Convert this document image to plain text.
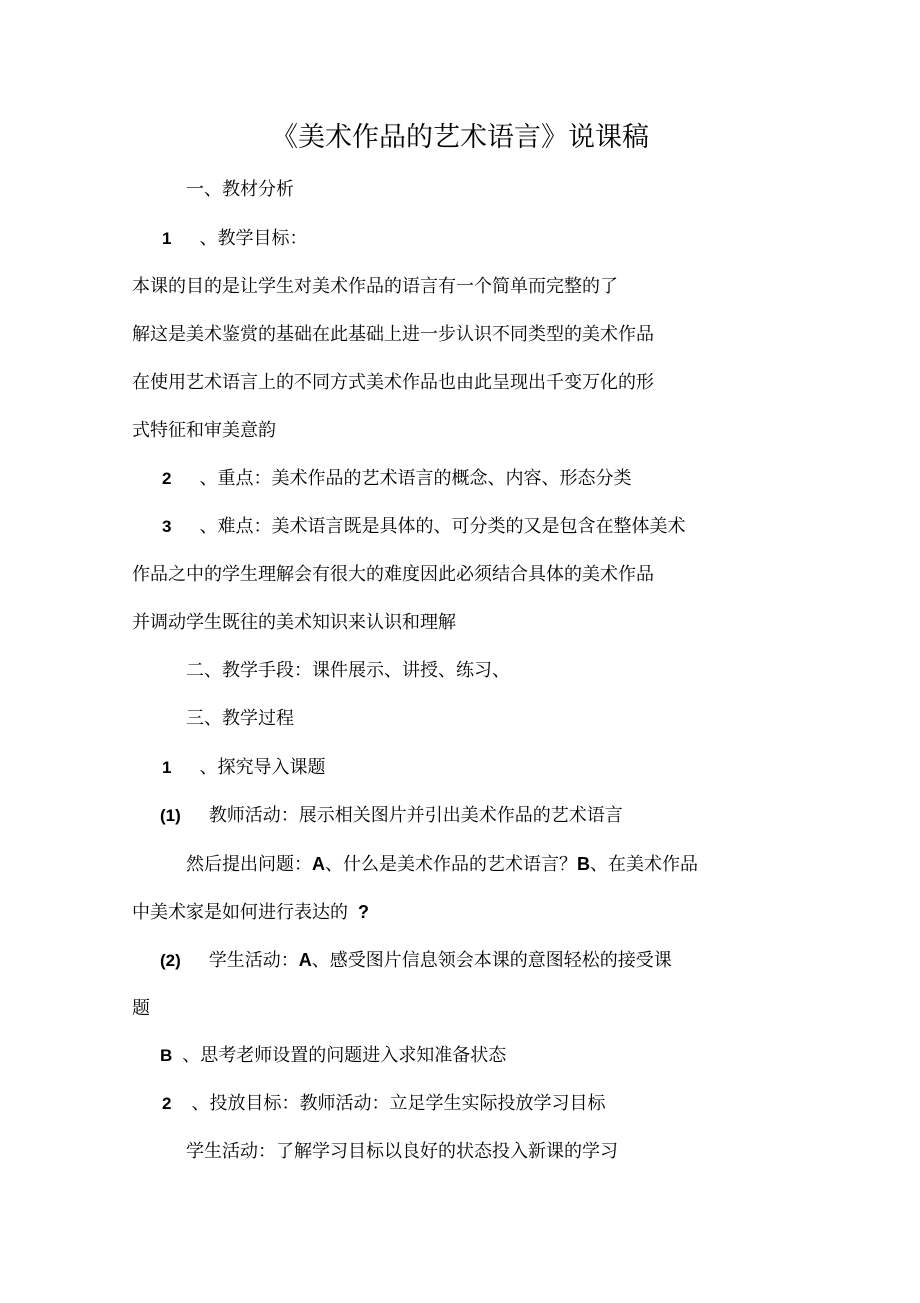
《美术作品的艺术语言》说课稿
一、教材分析
1 、教学目标：
本课的目的是让学生对美术作品的语言有一个简单而完整的了
解这是美术鉴赏的基础在此基础上进一步认识不同类型的美术作品
在使用艺术语言上的不同方式美术作品也由此呈现出千变万化的形
式特征和审美意韵
2 、重点：美术作品的艺术语言的概念、内容、形态分类
3 、难点：美术语言既是具体的、可分类的又是包含在整体美术
作品之中的学生理解会有很大的难度因此必须结合具体的美术作品
并调动学生既往的美术知识来认识和理解
二、教学手段：课件展示、讲授、练习、
三、教学过程
1 、探究导入课题
(1) 教师活动：展示相关图片并引出美术作品的艺术语言
然后提出问题：A、什么是美术作品的艺术语言？B、在美术作品
中美术家是如何进行表达的 ?
(2) 学生活动：A、感受图片信息领会本课的意图轻松的接受课
题
B 、思考老师设置的问题进入求知准备状态
2 、投放目标：教师活动：立足学生实际投放学习目标
学生活动：了解学习目标以良好的状态投入新课的学习
